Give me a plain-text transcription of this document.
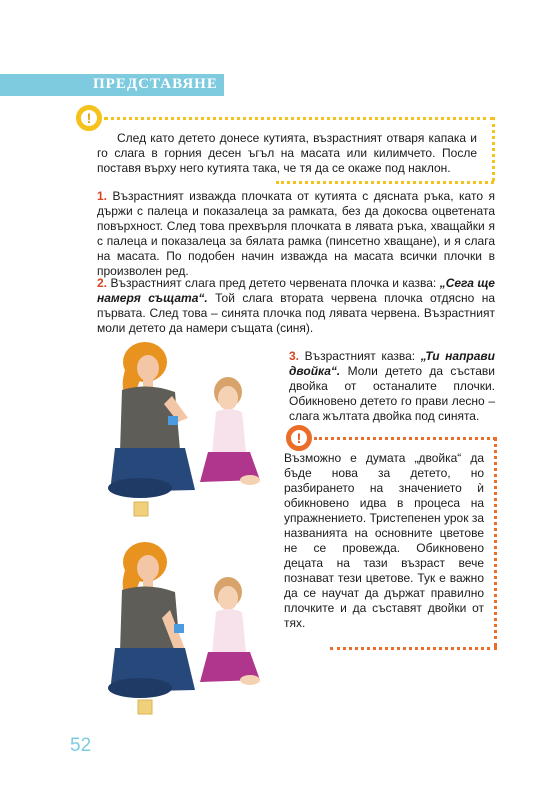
ПРЕДСТАВЯНЕ
!

След като детето донесе кутията, възрастният отваря капака и го слага в горния десен ъгъл на масата или килимчето. После поставя върху него кутията така, че тя да се окаже под наклон.

1. Възрастният изважда плочката от кутията с дясната ръка, като я държи с палеца и показалеца за рамката, без да докосва оцветената повърхност. След това прехвърля плочката в лявата ръка, хващайки я с палеца и показалеца за бялата рамка (пинсетно хващане), и я слага на масата. По подобен начин изважда на масата всички плочки в произволен ред.

2. Възрастният слага пред детето червената плочка и казва: „Сега ще намеря същата“. Той слага втората червена плочка отдясно на първата. След това – синята плочка под лявата червена. Възрастният моли детето да намери същата (синя).

3. Възрастният казва: „Ти направи двойка“. Моли детето да състави двойка от останалите плочки. Обикновено детето го прави лесно – слага жълтата двойка под синята.

!

Възможно е думата „двойка“ да бъде нова за детето, но разбирането на значението ѝ обикновено идва в процеса на упражнението. Тристепенен урок за названията на основните цветове не се провежда. Обикновено децата на тази възраст вече познават тези цветове. Тук е важно да се научат да държат правилно плочките и да съставят двойки от тях.

52
